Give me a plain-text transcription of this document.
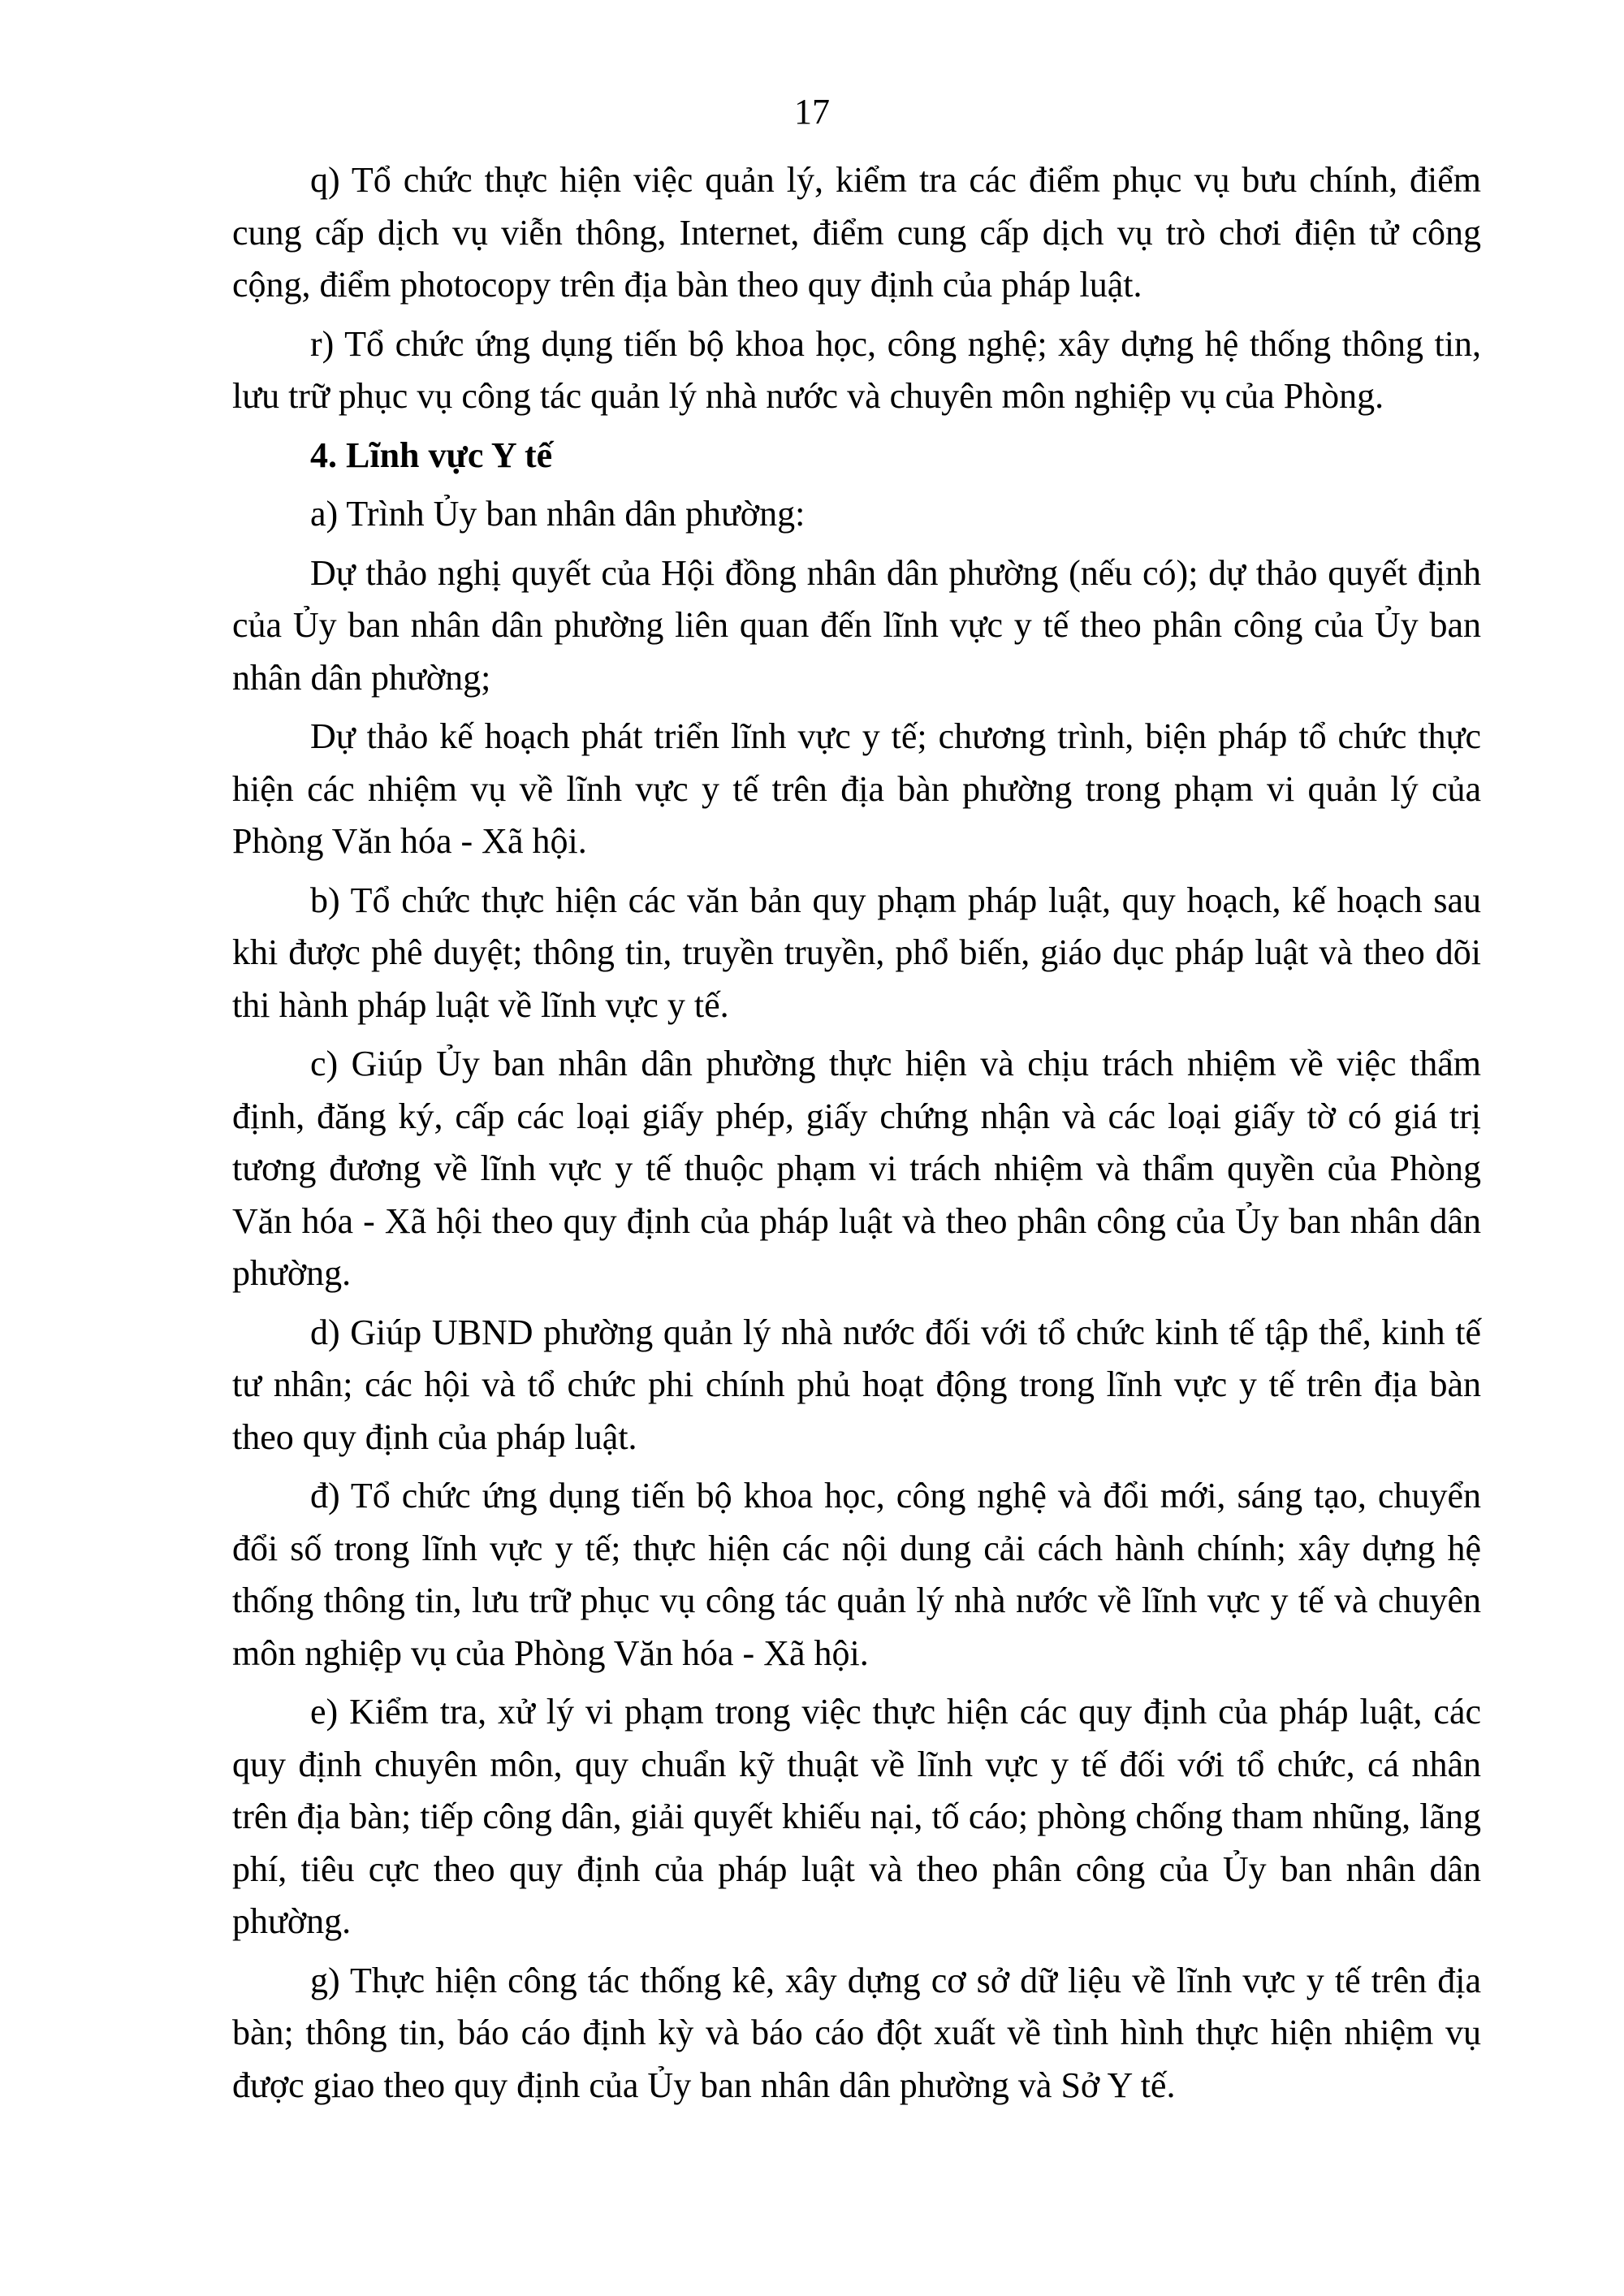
17

q) Tổ chức thực hiện việc quản lý, kiểm tra các điểm phục vụ bưu chính, điểm cung cấp dịch vụ viễn thông, Internet, điểm cung cấp dịch vụ trò chơi điện tử công cộng, điểm photocopy trên địa bàn theo quy định của pháp luật.

r) Tổ chức ứng dụng tiến bộ khoa học, công nghệ; xây dựng hệ thống thông tin, lưu trữ phục vụ công tác quản lý nhà nước và chuyên môn nghiệp vụ của Phòng.

4. Lĩnh vực Y tế

a) Trình Ủy ban nhân dân phường:

Dự thảo nghị quyết của Hội đồng nhân dân phường (nếu có); dự thảo quyết định của Ủy ban nhân dân phường liên quan đến lĩnh vực y tế theo phân công của Ủy ban nhân dân phường;

Dự thảo kế hoạch phát triển lĩnh vực y tế; chương trình, biện pháp tổ chức thực hiện các nhiệm vụ về lĩnh vực y tế trên địa bàn phường trong phạm vi quản lý của Phòng Văn hóa - Xã hội.

b) Tổ chức thực hiện các văn bản quy phạm pháp luật, quy hoạch, kế hoạch sau khi được phê duyệt; thông tin, truyền truyền, phổ biến, giáo dục pháp luật và theo dõi thi hành pháp luật về lĩnh vực y tế.

c) Giúp Ủy ban nhân dân phường thực hiện và chịu trách nhiệm về việc thẩm định, đăng ký, cấp các loại giấy phép, giấy chứng nhận và các loại giấy tờ có giá trị tương đương về lĩnh vực y tế thuộc phạm vi trách nhiệm và thẩm quyền của Phòng Văn hóa - Xã hội theo quy định của pháp luật và theo phân công của Ủy ban nhân dân phường.

d) Giúp UBND phường quản lý nhà nước đối với tổ chức kinh tế tập thể, kinh tế tư nhân; các hội và tổ chức phi chính phủ hoạt động trong lĩnh vực y tế trên địa bàn theo quy định của pháp luật.

đ) Tổ chức ứng dụng tiến bộ khoa học, công nghệ và đổi mới, sáng tạo, chuyển đổi số trong lĩnh vực y tế; thực hiện các nội dung cải cách hành chính; xây dựng hệ thống thông tin, lưu trữ phục vụ công tác quản lý nhà nước về lĩnh vực y tế và chuyên môn nghiệp vụ của Phòng Văn hóa - Xã hội.

e) Kiểm tra, xử lý vi phạm trong việc thực hiện các quy định của pháp luật, các quy định chuyên môn, quy chuẩn kỹ thuật về lĩnh vực y tế đối với tổ chức, cá nhân trên địa bàn; tiếp công dân, giải quyết khiếu nại, tố cáo; phòng chống tham nhũng, lãng phí, tiêu cực theo quy định của pháp luật và theo phân công của Ủy ban nhân dân phường.

g) Thực hiện công tác thống kê, xây dựng cơ sở dữ liệu về lĩnh vực y tế trên địa bàn; thông tin, báo cáo định kỳ và báo cáo đột xuất về tình hình thực hiện nhiệm vụ được giao theo quy định của Ủy ban nhân dân phường và Sở Y tế.
